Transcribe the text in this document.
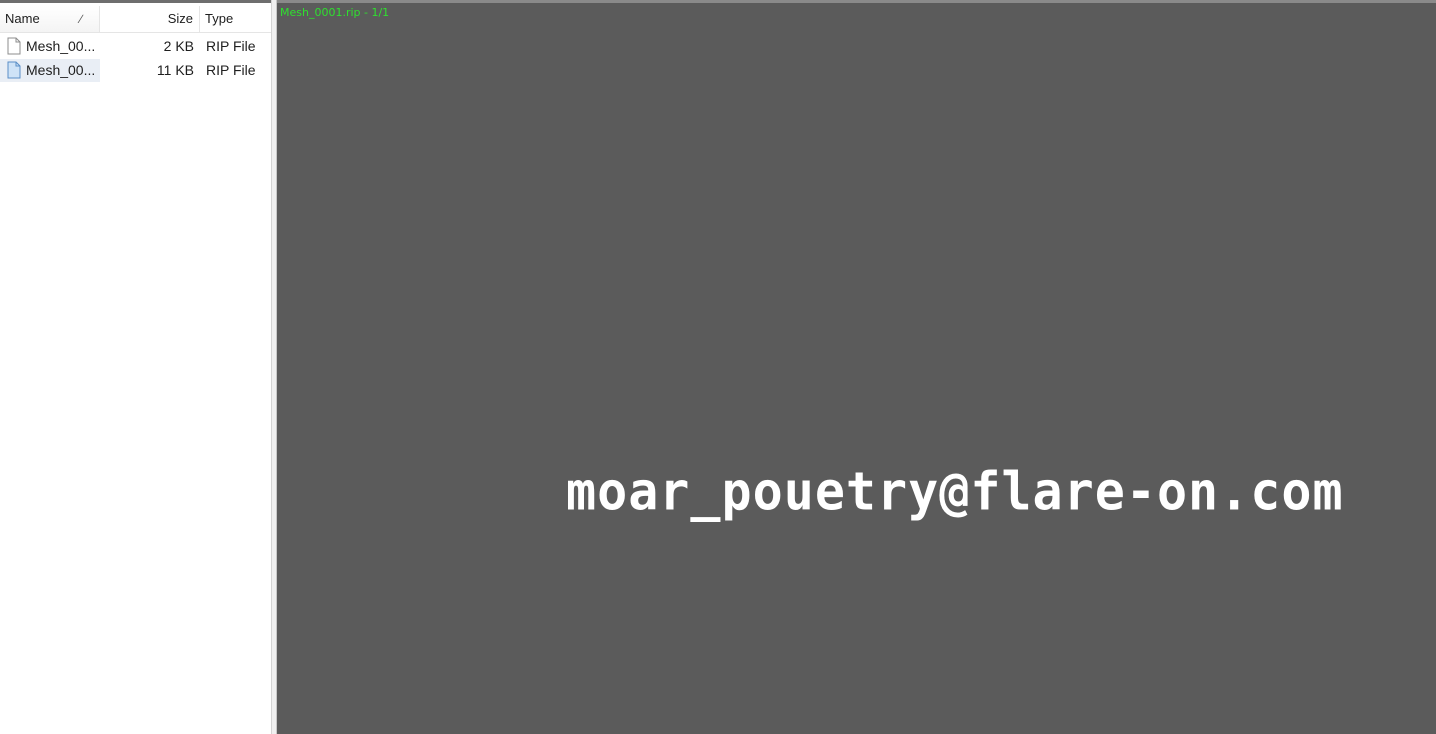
Name	∕	Size Type
Mesh_00...	2 KB RIP File
Mesh_00...	11 KB RIP File
Mesh_0001.rip - 1/1
moar_pouetry@flare-on.com
